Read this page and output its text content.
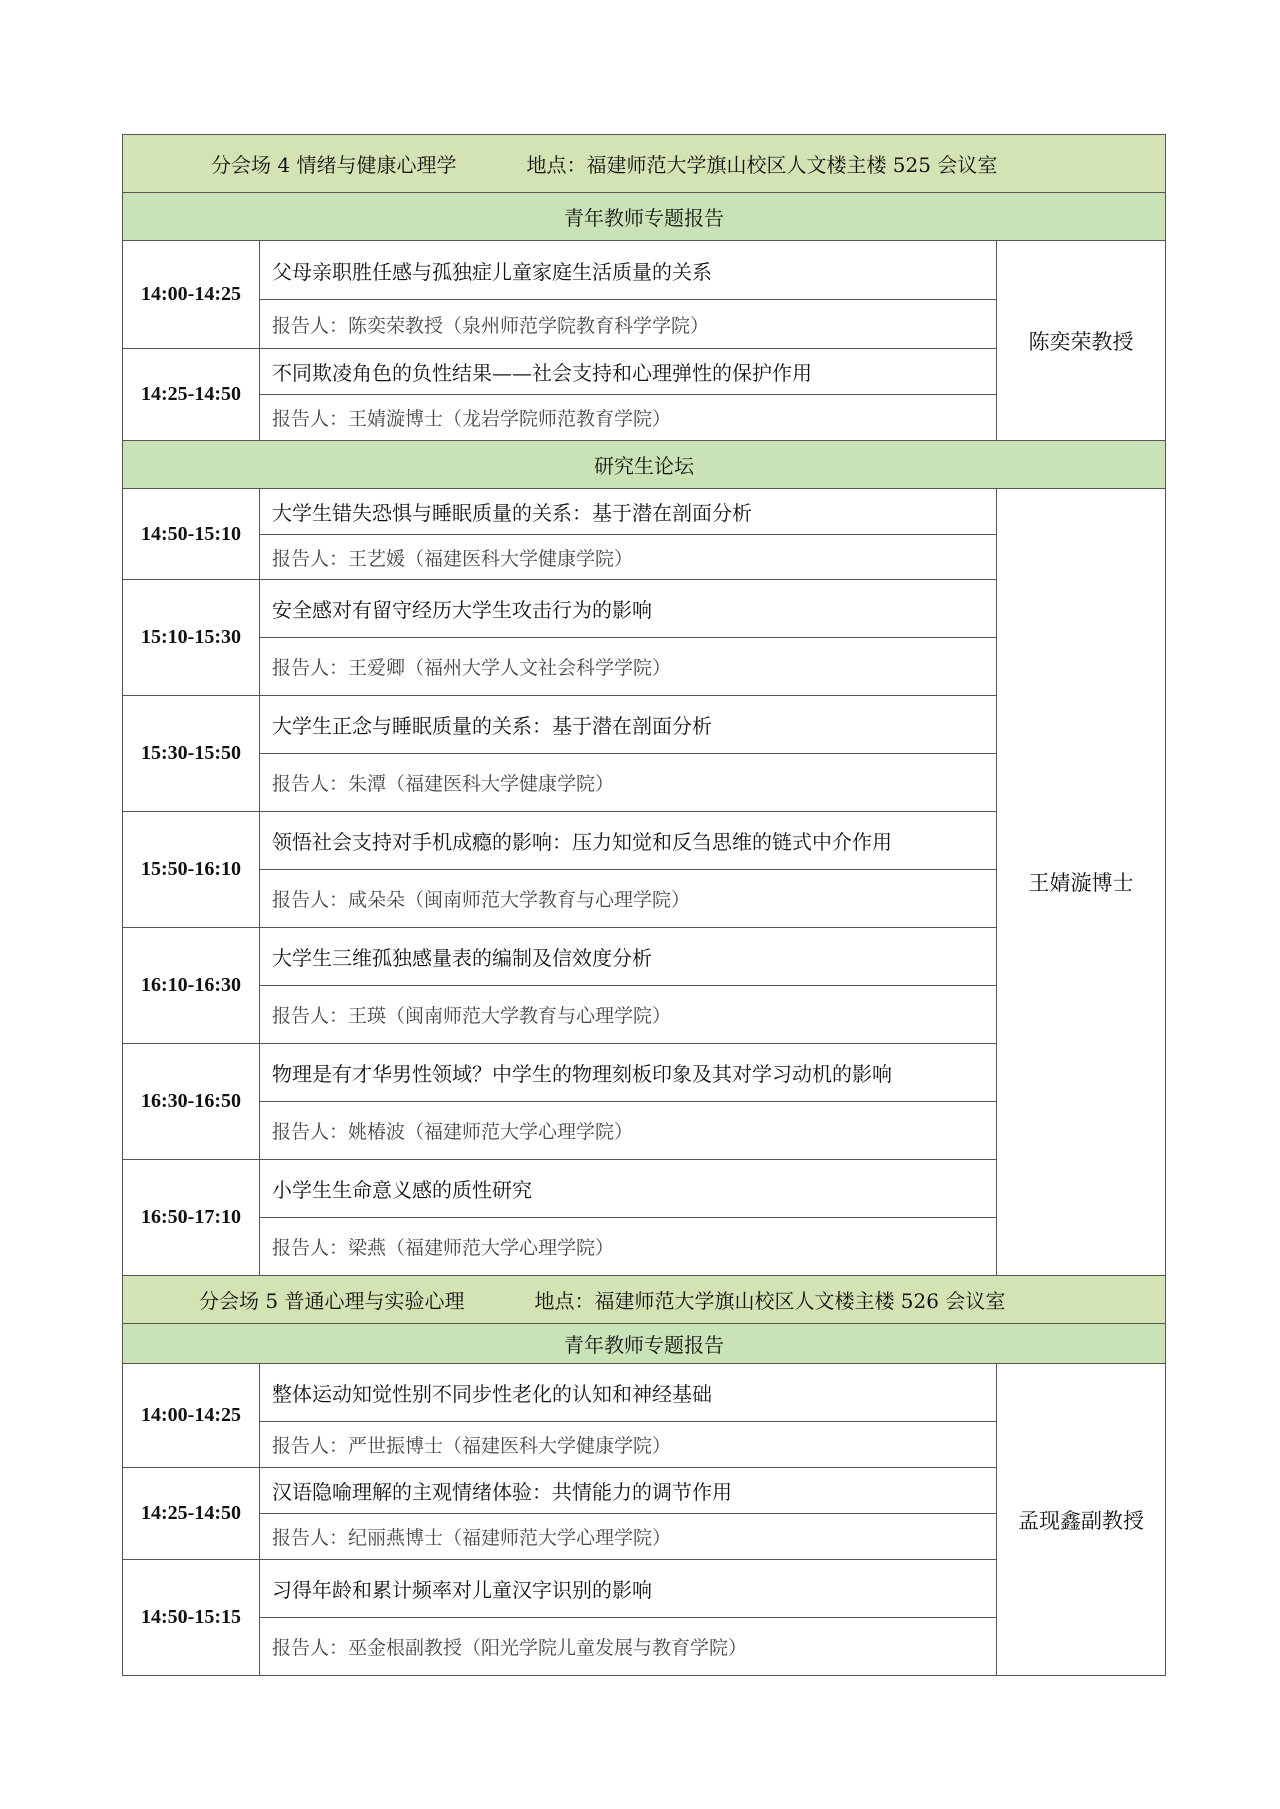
分会场 4 情绪与健康心理学 地点：福建师范大学旗山校区人文楼主楼 525 会议室		
青年教师专题报告		
14:00-14:25	父母亲职胜任感与孤独症儿童家庭生活质量的关系	陈奕荣教授
	报告人：陈奕荣教授（泉州师范学院教育科学学院）	
14:25-14:50	不同欺凌角色的负性结果——社会支持和心理弹性的保护作用	
	报告人：王婧漩博士（龙岩学院师范教育学院）	
研究生论坛		
14:50-15:10	大学生错失恐惧与睡眠质量的关系：基于潜在剖面分析	王婧漩博士
	报告人：王艺媛（福建医科大学健康学院）	
15:10-15:30	安全感对有留守经历大学生攻击行为的影响	
	报告人：王爱卿（福州大学人文社会科学学院）	
15:30-15:50	大学生正念与睡眠质量的关系：基于潜在剖面分析	
	报告人：朱潭（福建医科大学健康学院）	
15:50-16:10	领悟社会支持对手机成瘾的影响：压力知觉和反刍思维的链式中介作用	
	报告人：咸朵朵（闽南师范大学教育与心理学院）	
16:10-16:30	大学生三维孤独感量表的编制及信效度分析	
	报告人：王瑛（闽南师范大学教育与心理学院）	
16:30-16:50	物理是有才华男性领域？中学生的物理刻板印象及其对学习动机的影响	
	报告人：姚椿波（福建师范大学心理学院）	
16:50-17:10	小学生生命意义感的质性研究	
	报告人：梁燕（福建师范大学心理学院）	
分会场 5 普通心理与实验心理 地点：福建师范大学旗山校区人文楼主楼 526 会议室		
青年教师专题报告		
14:00-14:25	整体运动知觉性别不同步性老化的认知和神经基础	孟现鑫副教授
	报告人：严世振博士（福建医科大学健康学院）	
14:25-14:50	汉语隐喻理解的主观情绪体验：共情能力的调节作用	
	报告人：纪丽燕博士（福建师范大学心理学院）	
14:50-15:15	习得年龄和累计频率对儿童汉字识别的影响	
	报告人：巫金根副教授（阳光学院儿童发展与教育学院）	
